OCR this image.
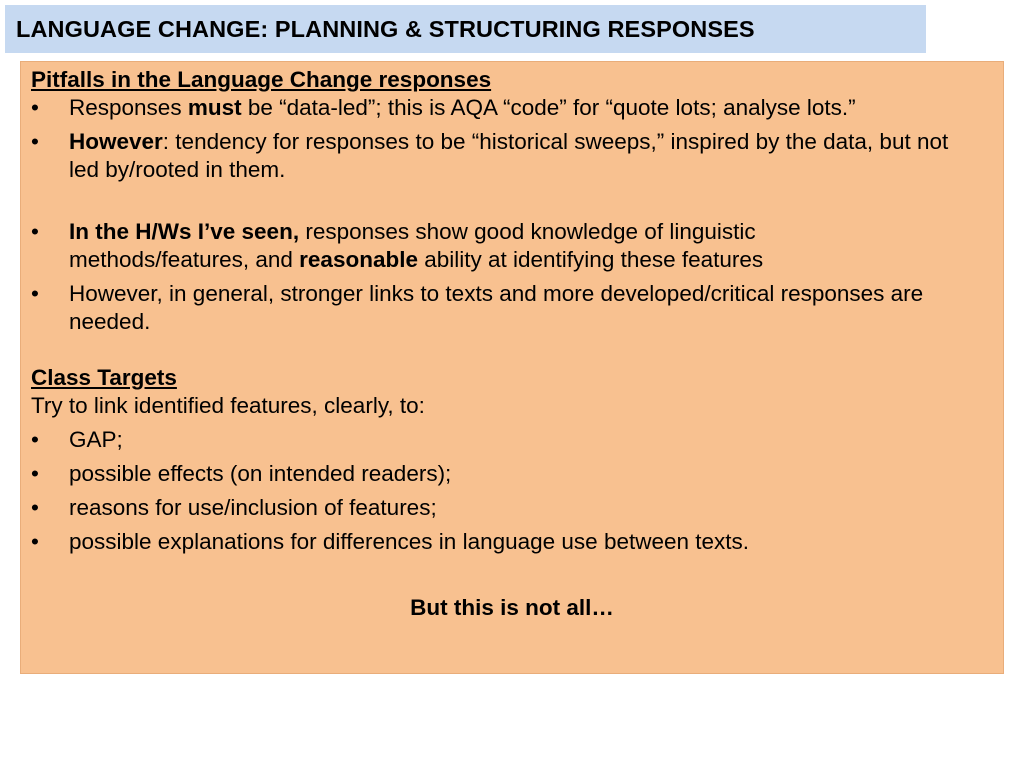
LANGUAGE CHANGE: PLANNING & STRUCTURING RESPONSES

Pitfalls in the Language Change responses

•	Responses must be “data-led”; this is AQA “code” for “quote lots; analyse lots.”
•	However: tendency for responses to be “historical sweeps,” inspired by the data, but not led by/rooted in them.
•	In the H/Ws I’ve seen, responses show good knowledge of linguistic methods/features, and reasonable ability at identifying these features
•	However, in general, stronger links to texts and more developed/critical responses are needed.

Class Targets

Try to link identified features, clearly, to:

•	GAP;
•	possible effects (on intended readers);
•	reasons for use/inclusion of features;
•	possible explanations for differences in language use between texts.

But this is not all…
